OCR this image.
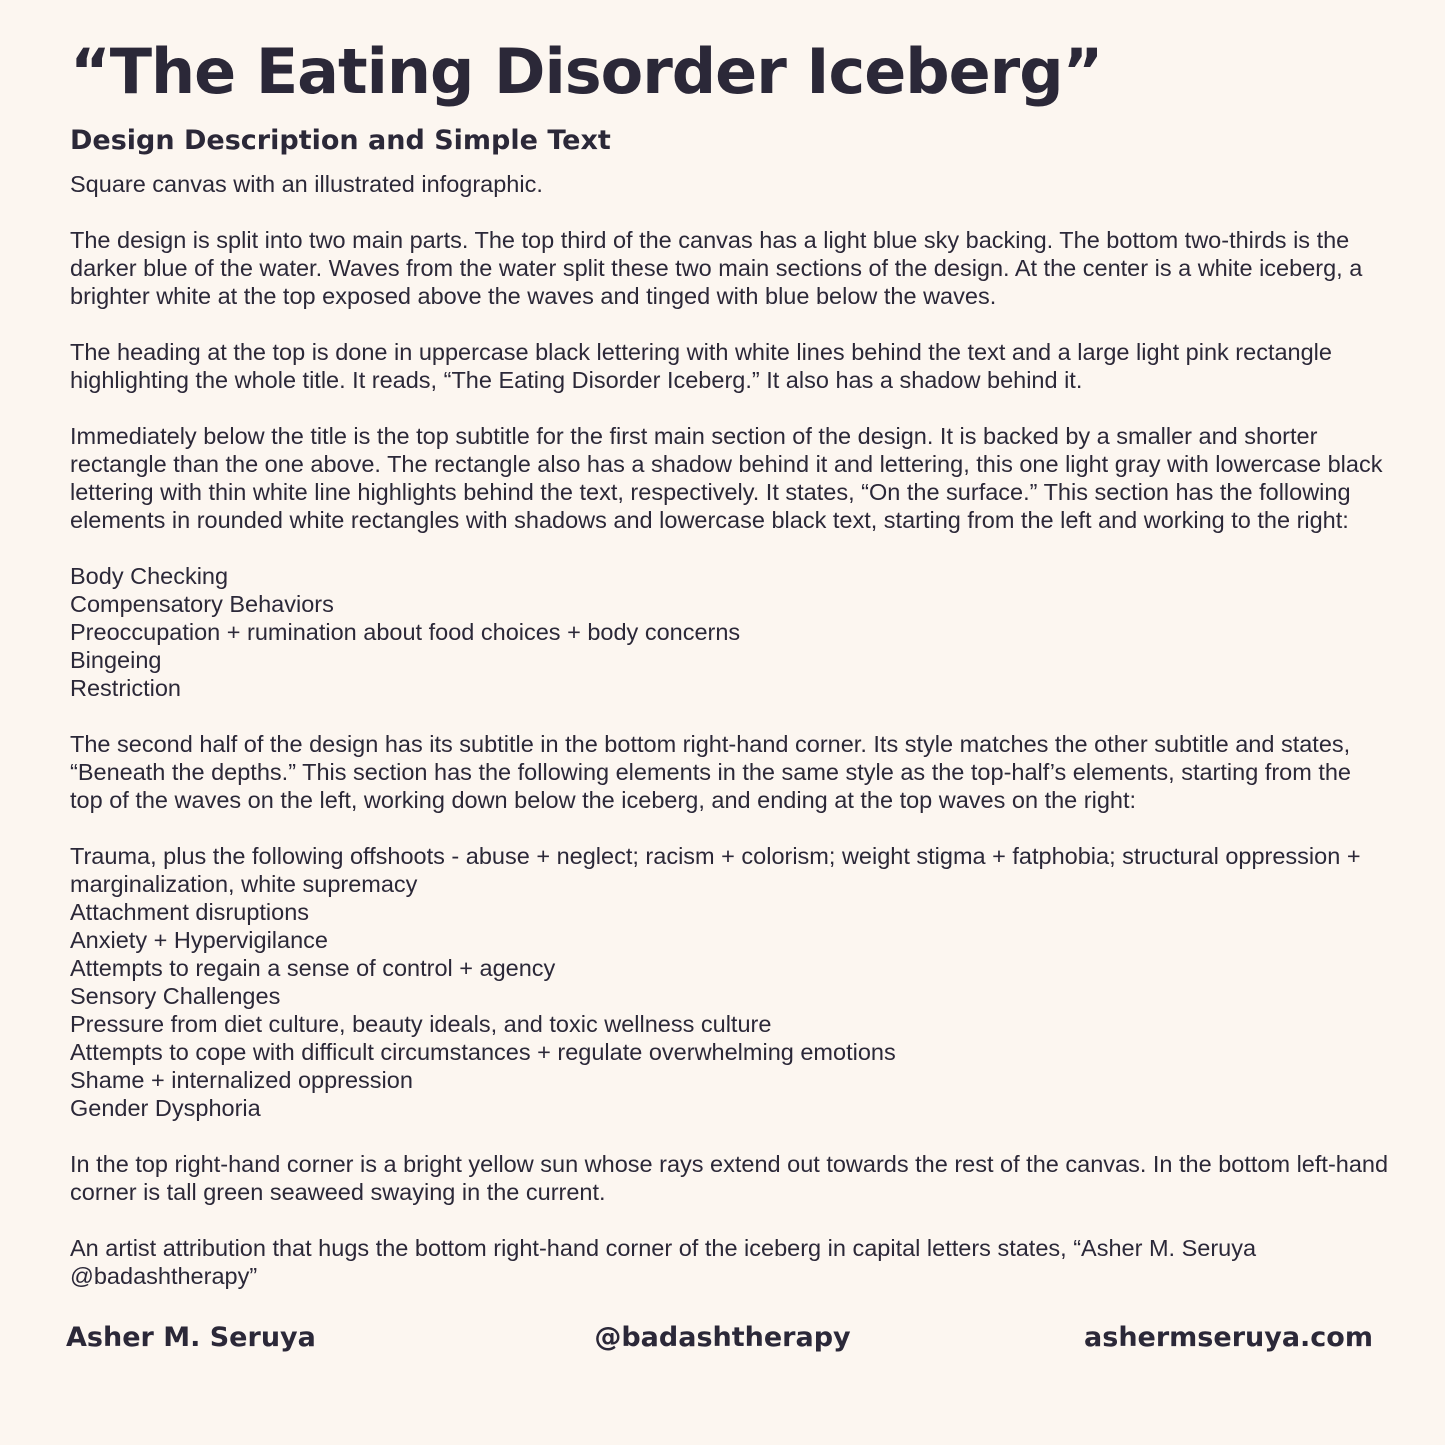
“The Eating Disorder Iceberg”
Design Description and Simple Text

Square canvas with an illustrated infographic.

The design is split into two main parts. The top third of the canvas has a light blue sky backing. The bottom two-thirds is the darker blue of the water. Waves from the water split these two main sections of the design. At the center is a white iceberg, a brighter white at the top exposed above the waves and tinged with blue below the waves.

The heading at the top is done in uppercase black lettering with white lines behind the text and a large light pink rectangle highlighting the whole title. It reads, “The Eating Disorder Iceberg.” It also has a shadow behind it.

Immediately below the title is the top subtitle for the first main section of the design. It is backed by a smaller and shorter rectangle than the one above. The rectangle also has a shadow behind it and lettering, this one light gray with lowercase black lettering with thin white line highlights behind the text, respectively. It states, “On the surface.” This section has the following elements in rounded white rectangles with shadows and lowercase black text, starting from the left and working to the right:

Body Checking
Compensatory Behaviors
Preoccupation + rumination about food choices + body concerns
Bingeing
Restriction

The second half of the design has its subtitle in the bottom right-hand corner. Its style matches the other subtitle and states, “Beneath the depths.” This section has the following elements in the same style as the top-half’s elements, starting from the top of the waves on the left, working down below the iceberg, and ending at the top waves on the right:

Trauma, plus the following offshoots - abuse + neglect; racism + colorism; weight stigma + fatphobia; structural oppression + marginalization, white supremacy
Attachment disruptions
Anxiety + Hypervigilance
Attempts to regain a sense of control + agency
Sensory Challenges
Pressure from diet culture, beauty ideals, and toxic wellness culture
Attempts to cope with difficult circumstances + regulate overwhelming emotions
Shame + internalized oppression
Gender Dysphoria

In the top right-hand corner is a bright yellow sun whose rays extend out towards the rest of the canvas. In the bottom left-hand corner is tall green seaweed swaying in the current.

An artist attribution that hugs the bottom right-hand corner of the iceberg in capital letters states, “Asher M. Seruya @badashtherapy”

Asher M. Seruya	@badashtherapy	ashermseruya.com
